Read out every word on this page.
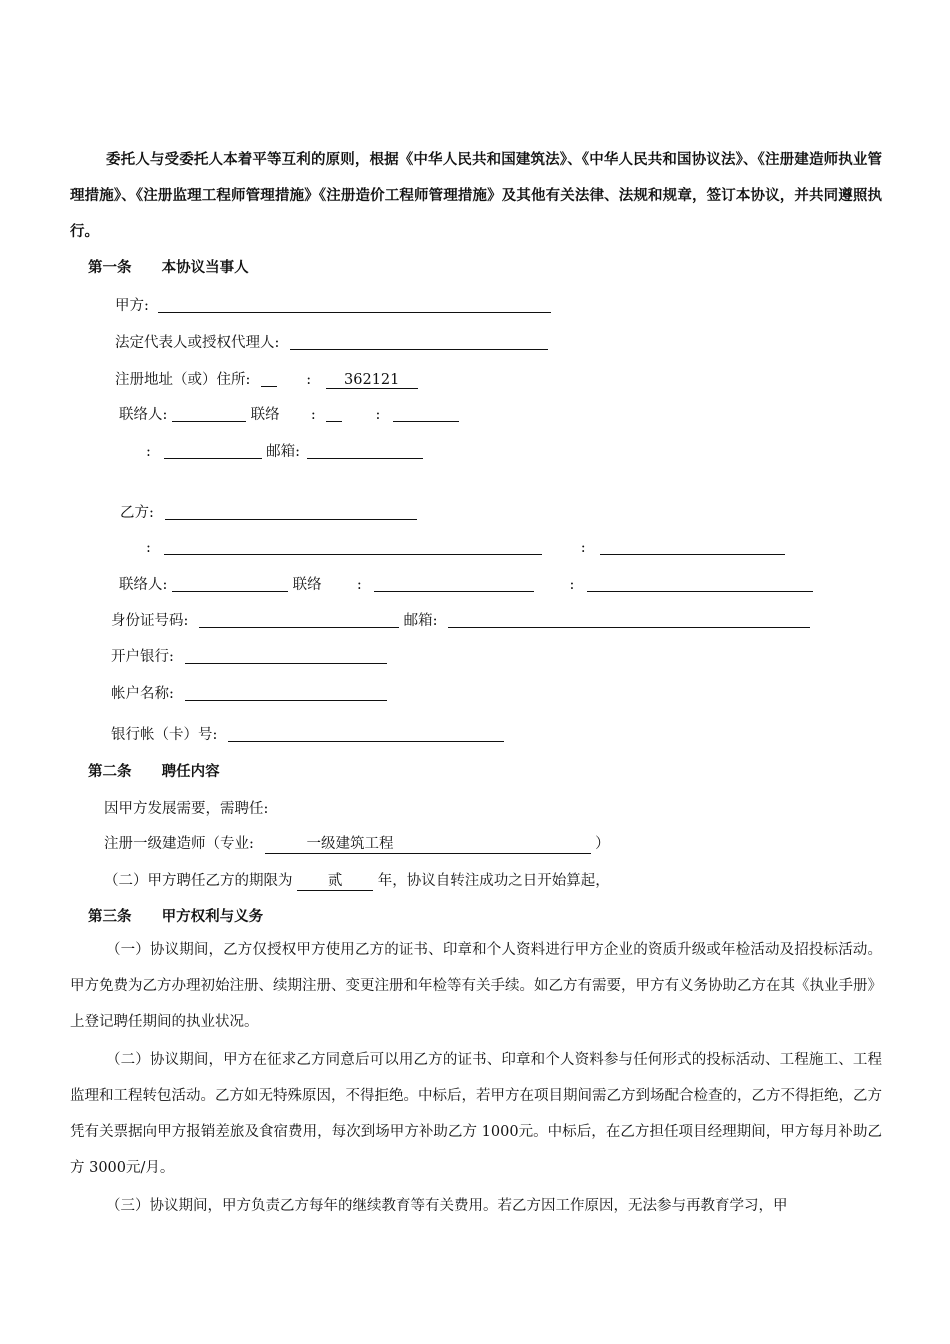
委托人与受委托人本着平等互利的原则，根据《中华人民共和国建筑法》、《中华人民共和国协议法》、《注册建造师执业管理措施》、《注册监理工程师管理措施》《注册造价工程师管理措施》及其他有关法律、法规和规章，签订本协议，并共同遵照执行。
第一条 本协议当事人
甲方:
法定代表人或授权代理人:
注册地址（或）住所:	: 362121
联络人:	联络 :	:
:	邮箱:
乙方:
:	:
联络人:	联络 :	:
身份证号码:	邮箱:
开户银行:
帐户名称:
银行帐（卡）号:
第二条 聘任内容
因甲方发展需要，需聘任:
注册一级建造师（专业:	一级建筑工程	）
（二）甲方聘任乙方的期限为 贰 年，协议自转注成功之日开始算起，
第三条 甲方权利与义务
（一）协议期间，乙方仅授权甲方使用乙方的证书、印章和个人资料进行甲方企业的资质升级或年检活动及招投标活动。甲方免费为乙方办理初始注册、续期注册、变更注册和年检等有关手续。如乙方有需要，甲方有义务协助乙方在其《执业手册》上登记聘任期间的执业状况。
（二）协议期间，甲方在征求乙方同意后可以用乙方的证书、印章和个人资料参与任何形式的投标活动、工程施工、工程监理和工程转包活动。乙方如无特殊原因，不得拒绝。中标后，若甲方在项目期间需乙方到场配合检查的，乙方不得拒绝，乙方凭有关票据向甲方报销差旅及食宿费用，每次到场甲方补助乙方 1000元。中标后，在乙方担任项目经理期间，甲方每月补助乙方 3000元/月。
（三）协议期间，甲方负责乙方每年的继续教育等有关费用。若乙方因工作原因，无法参与再教育学习，甲
